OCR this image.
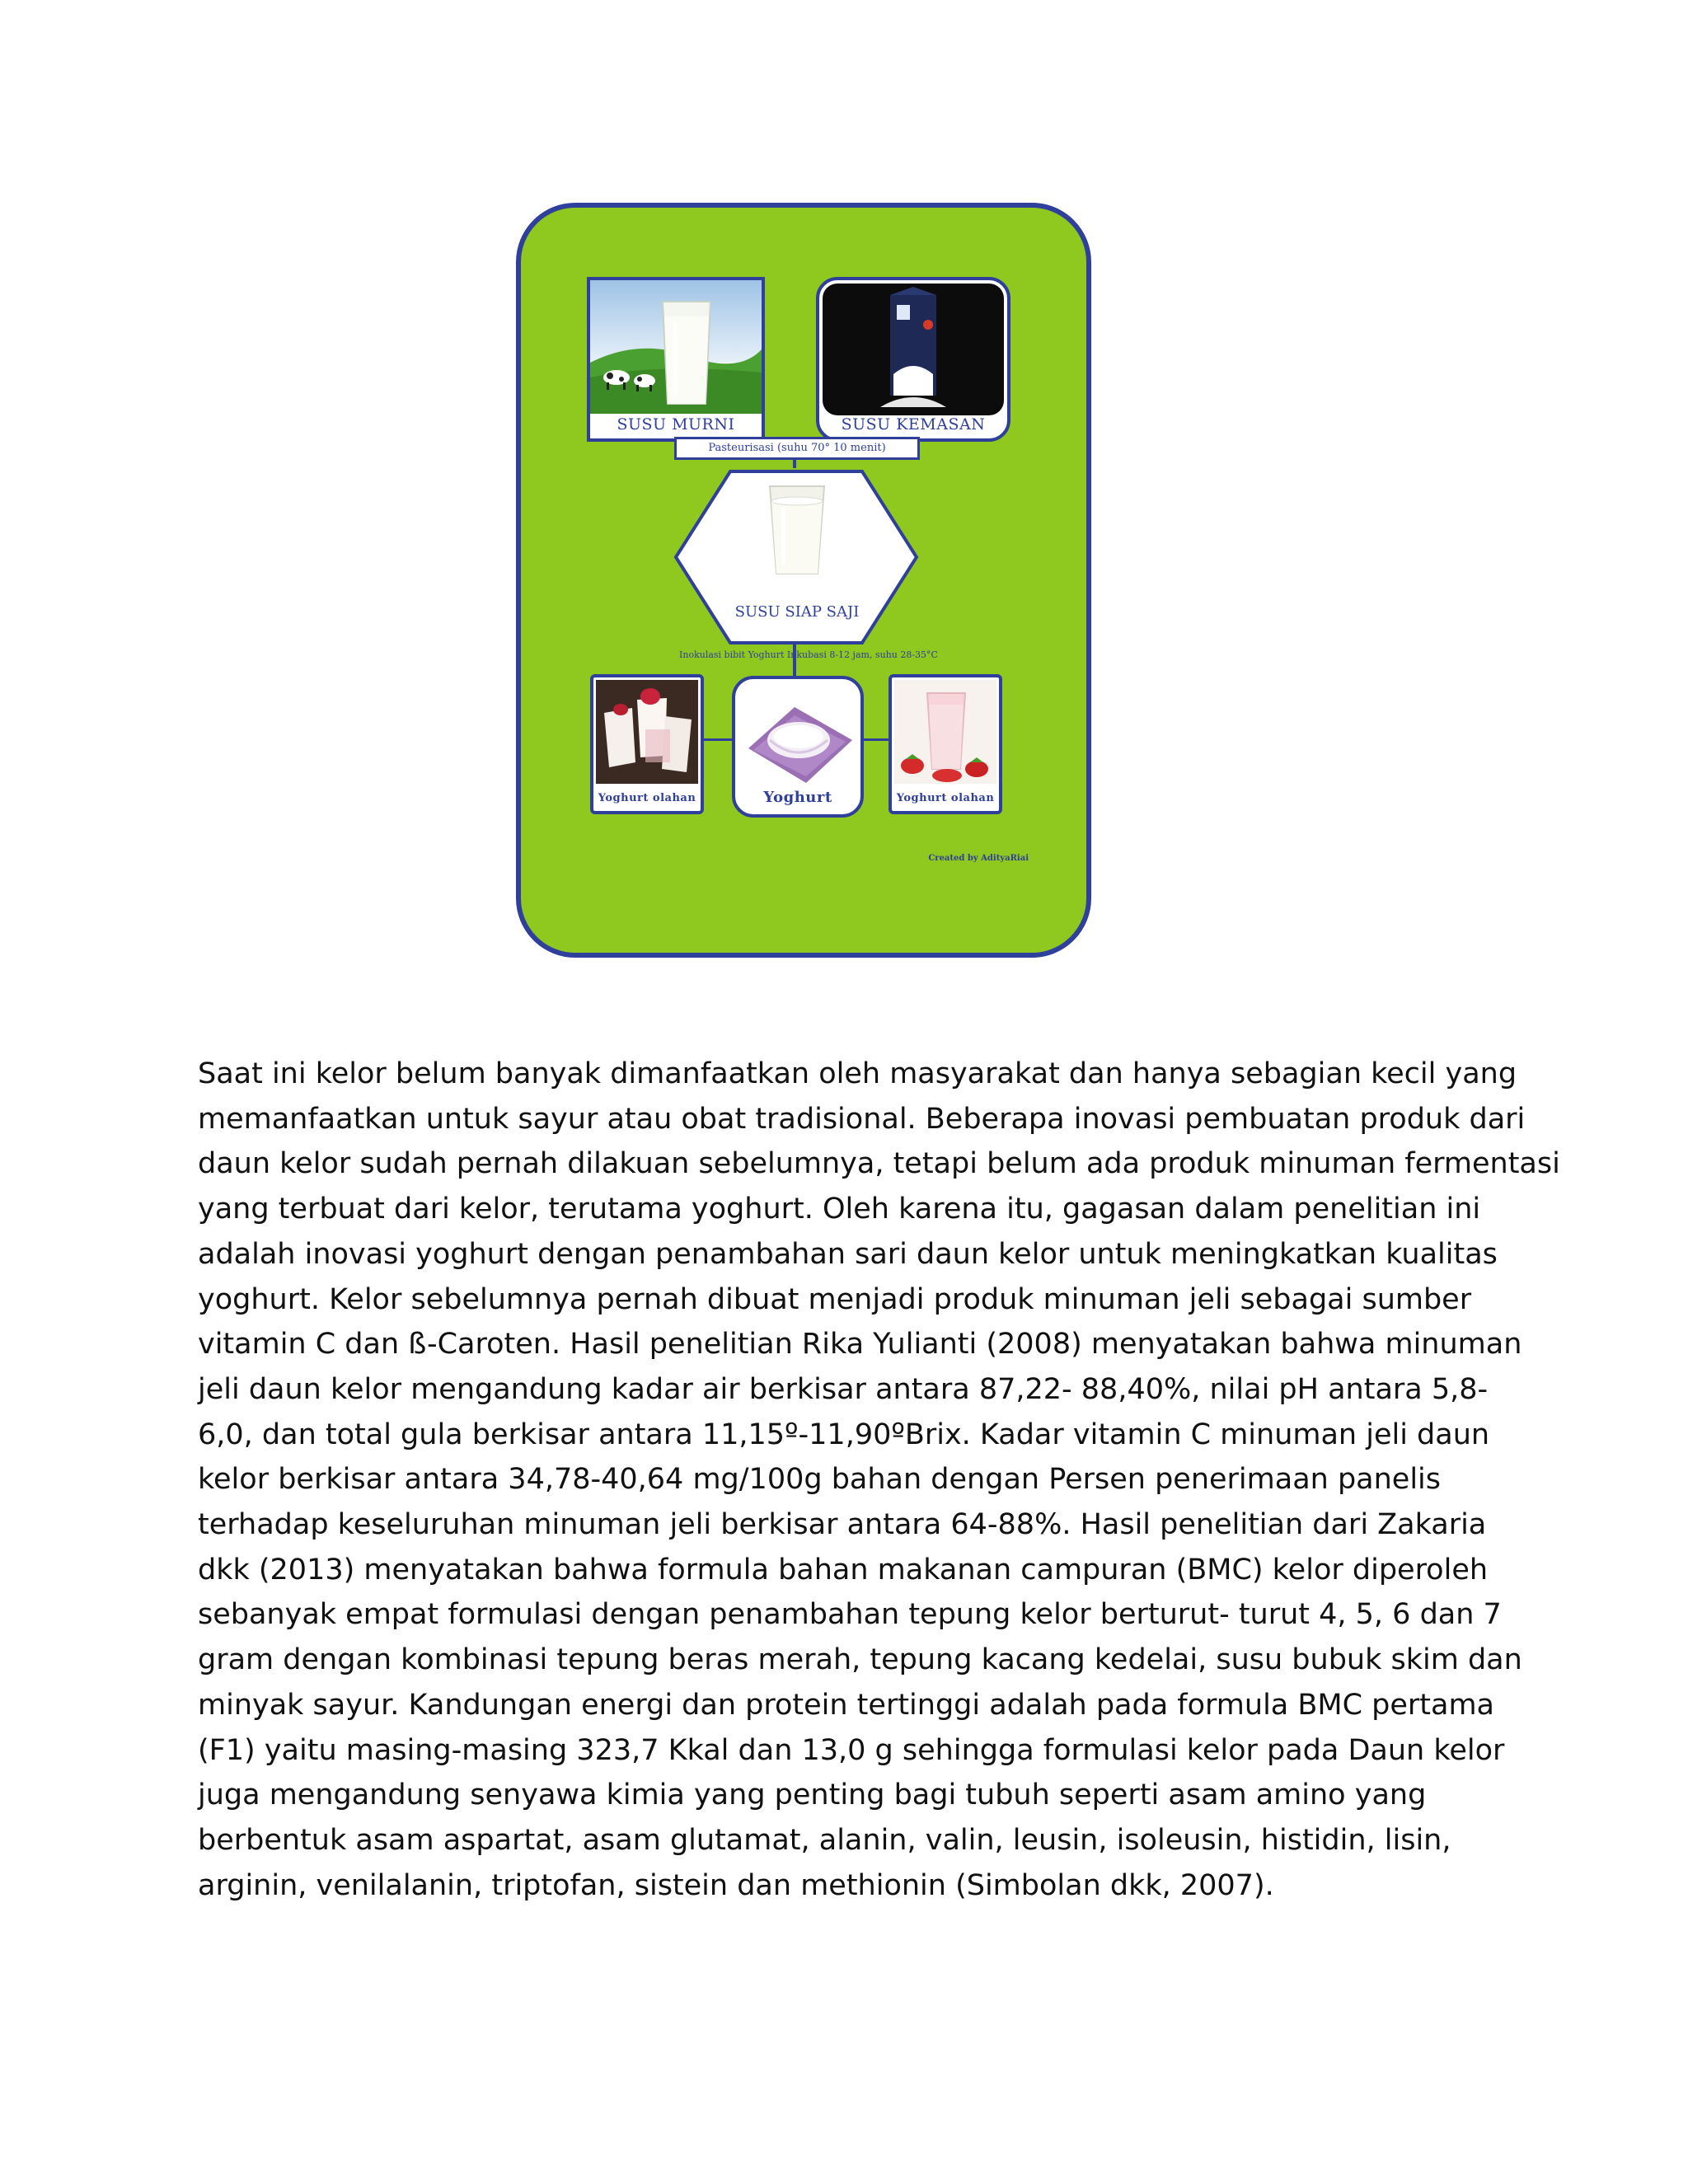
SUSU MURNI	SUSU KEMASAN
Pasteurisasi (suhu 70° 10 menit)
SUSU SIAP SAJI
Inokulasi bibit Yoghurt Inkubasi 8-12 jam, suhu 28-35°C
Yoghurt olahan	Yoghurt	Yoghurt olahan
Created by AdityaRiai

Saat ini kelor belum banyak dimanfaatkan oleh masyarakat dan hanya sebagian kecil yang
memanfaatkan untuk sayur atau obat tradisional. Beberapa inovasi pembuatan produk dari
daun kelor sudah pernah dilakuan sebelumnya, tetapi belum ada produk minuman fermentasi
yang terbuat dari kelor, terutama yoghurt. Oleh karena itu, gagasan dalam penelitian ini
adalah inovasi yoghurt dengan penambahan sari daun kelor untuk meningkatkan kualitas
yoghurt. Kelor sebelumnya pernah dibuat menjadi produk minuman jeli sebagai sumber
vitamin C dan ß-Caroten. Hasil penelitian Rika Yulianti (2008) menyatakan bahwa minuman
jeli daun kelor mengandung kadar air berkisar antara 87,22- 88,40%, nilai pH antara 5,8-
6,0, dan total gula berkisar antara 11,15º-11,90ºBrix. Kadar vitamin C minuman jeli daun
kelor berkisar antara 34,78-40,64 mg/100g bahan dengan Persen penerimaan panelis
terhadap keseluruhan minuman jeli berkisar antara 64-88%. Hasil penelitian dari Zakaria
dkk (2013) menyatakan bahwa formula bahan makanan campuran (BMC) kelor diperoleh
sebanyak empat formulasi dengan penambahan tepung kelor berturut- turut 4, 5, 6 dan 7
gram dengan kombinasi tepung beras merah, tepung kacang kedelai, susu bubuk skim dan
minyak sayur. Kandungan energi dan protein tertinggi adalah pada formula BMC pertama
(F1) yaitu masing-masing 323,7 Kkal dan 13,0 g sehingga formulasi kelor pada Daun kelor
juga mengandung senyawa kimia yang penting bagi tubuh seperti asam amino yang
berbentuk asam aspartat, asam glutamat, alanin, valin, leusin, isoleusin, histidin, lisin,
arginin, venilalanin, triptofan, sistein dan methionin (Simbolan dkk, 2007).
